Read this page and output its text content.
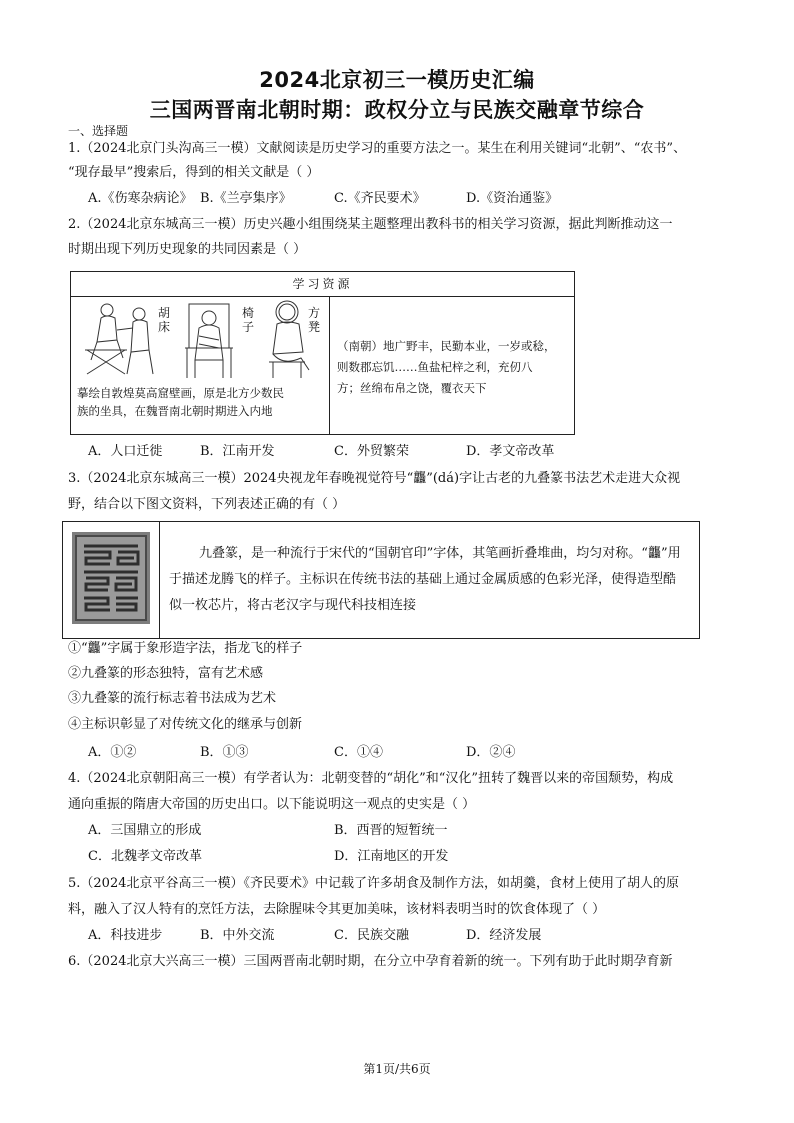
2024北京初三一模历史汇编
三国两晋南北朝时期：政权分立与民族交融章节综合
一、选择题
1.（2024北京门头沟高三一模）文献阅读是历史学习的重要方法之一。某生在利用关键词“北朝”、“农书”、
“现存最早”搜索后，得到的相关文献是（ ）
A.《伤寒杂病论》 B.《兰亭集序》	C.《齐民要术》	D.《资治通鉴》
2.（2024北京东城高三一模）历史兴趣小组围绕某主题整理出教科书的相关学习资源，据此判断推动这一
时期出现下列历史现象的共同因素是（ ）
学习资源
胡床
椅子
方凳
摹绘自敦煌莫高窟壁画，原是北方少数民
族的坐具，在魏晋南北朝时期进入内地
（南朝）地广野丰，民勤本业，一岁或稔，
则数郡忘饥……鱼盐杞梓之利，充仞八
方；丝绵布帛之饶，覆衣天下
A．人口迁徙	B．江南开发	C．外贸繁荣	D．孝文帝改革
3.（2024北京东城高三一模）2024央视龙年春晚视觉符号“龘”(dá)字让古老的九叠篆书法艺术走进大众视
野，结合以下图文资料，下列表述正确的有（ ）
九叠篆，是一种流行于宋代的“国朝官印”字体，其笔画折叠堆曲，均匀对称。“龘”用
于描述龙腾飞的样子。主标识在传统书法的基础上通过金属质感的色彩光泽，使得造型酷
似一枚芯片，将古老汉字与现代科技相连接
①“龘”字属于象形造字法，指龙飞的样子
②九叠篆的形态独特，富有艺术感
③九叠篆的流行标志着书法成为艺术
④主标识彰显了对传统文化的继承与创新
A．①②	B．①③	C．①④	D．②④
4.（2024北京朝阳高三一模）有学者认为：北朝变替的“胡化”和“汉化”扭转了魏晋以来的帝国颓势，构成
通向重振的隋唐大帝国的历史出口。以下能说明这一观点的史实是（ ）
A．三国鼎立的形成	B．西晋的短暂统一
C．北魏孝文帝改革	D．江南地区的开发
5.（2024北京平谷高三一模）《齐民要术》中记载了许多胡食及制作方法，如胡羹，食材上使用了胡人的原
料，融入了汉人特有的烹饪方法，去除腥味令其更加美味，该材料表明当时的饮食体现了（ ）
A．科技进步	B．中外交流	C．民族交融	D．经济发展
6.（2024北京大兴高三一模）三国两晋南北朝时期，在分立中孕育着新的统一。下列有助于此时期孕育新
第1页/共6页
